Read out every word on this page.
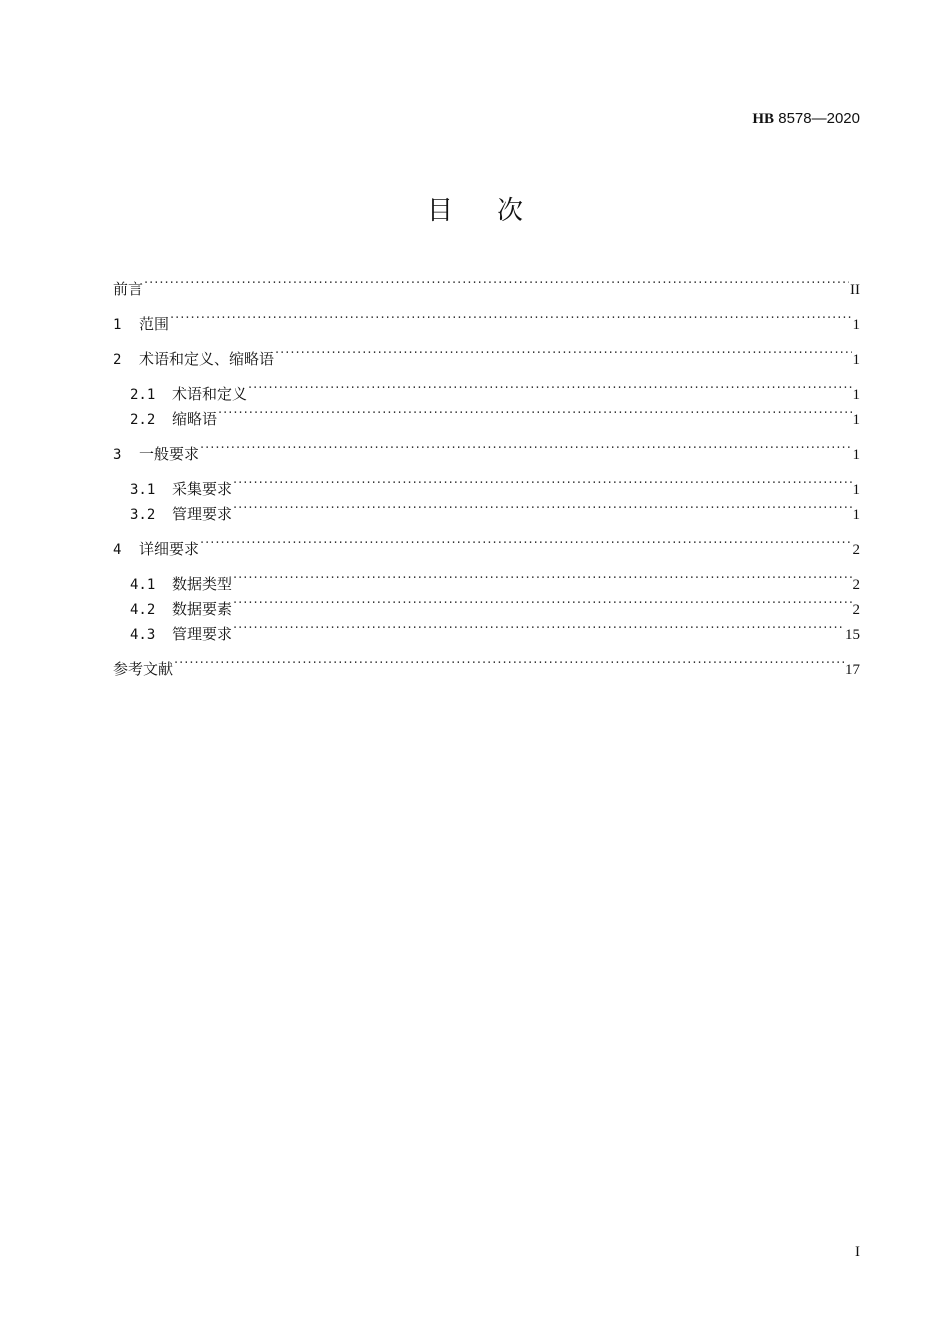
HB 8578—2020
目次
前言 ·····	II
1	范围 ·····	1
2	术语和定义、缩略语 ·····	1
2.1	术语和定义 ·····	1
2.2	缩略语 ·····	1
3	一般要求 ·····	1
3.1	采集要求 ·····	1
3.2	管理要求 ·····	1
4	详细要求 ·····	2
4.1	数据类型 ·····	2
4.2	数据要素 ·····	2
4.3	管理要求 ·····	15
参考文献 ·····	17
I
